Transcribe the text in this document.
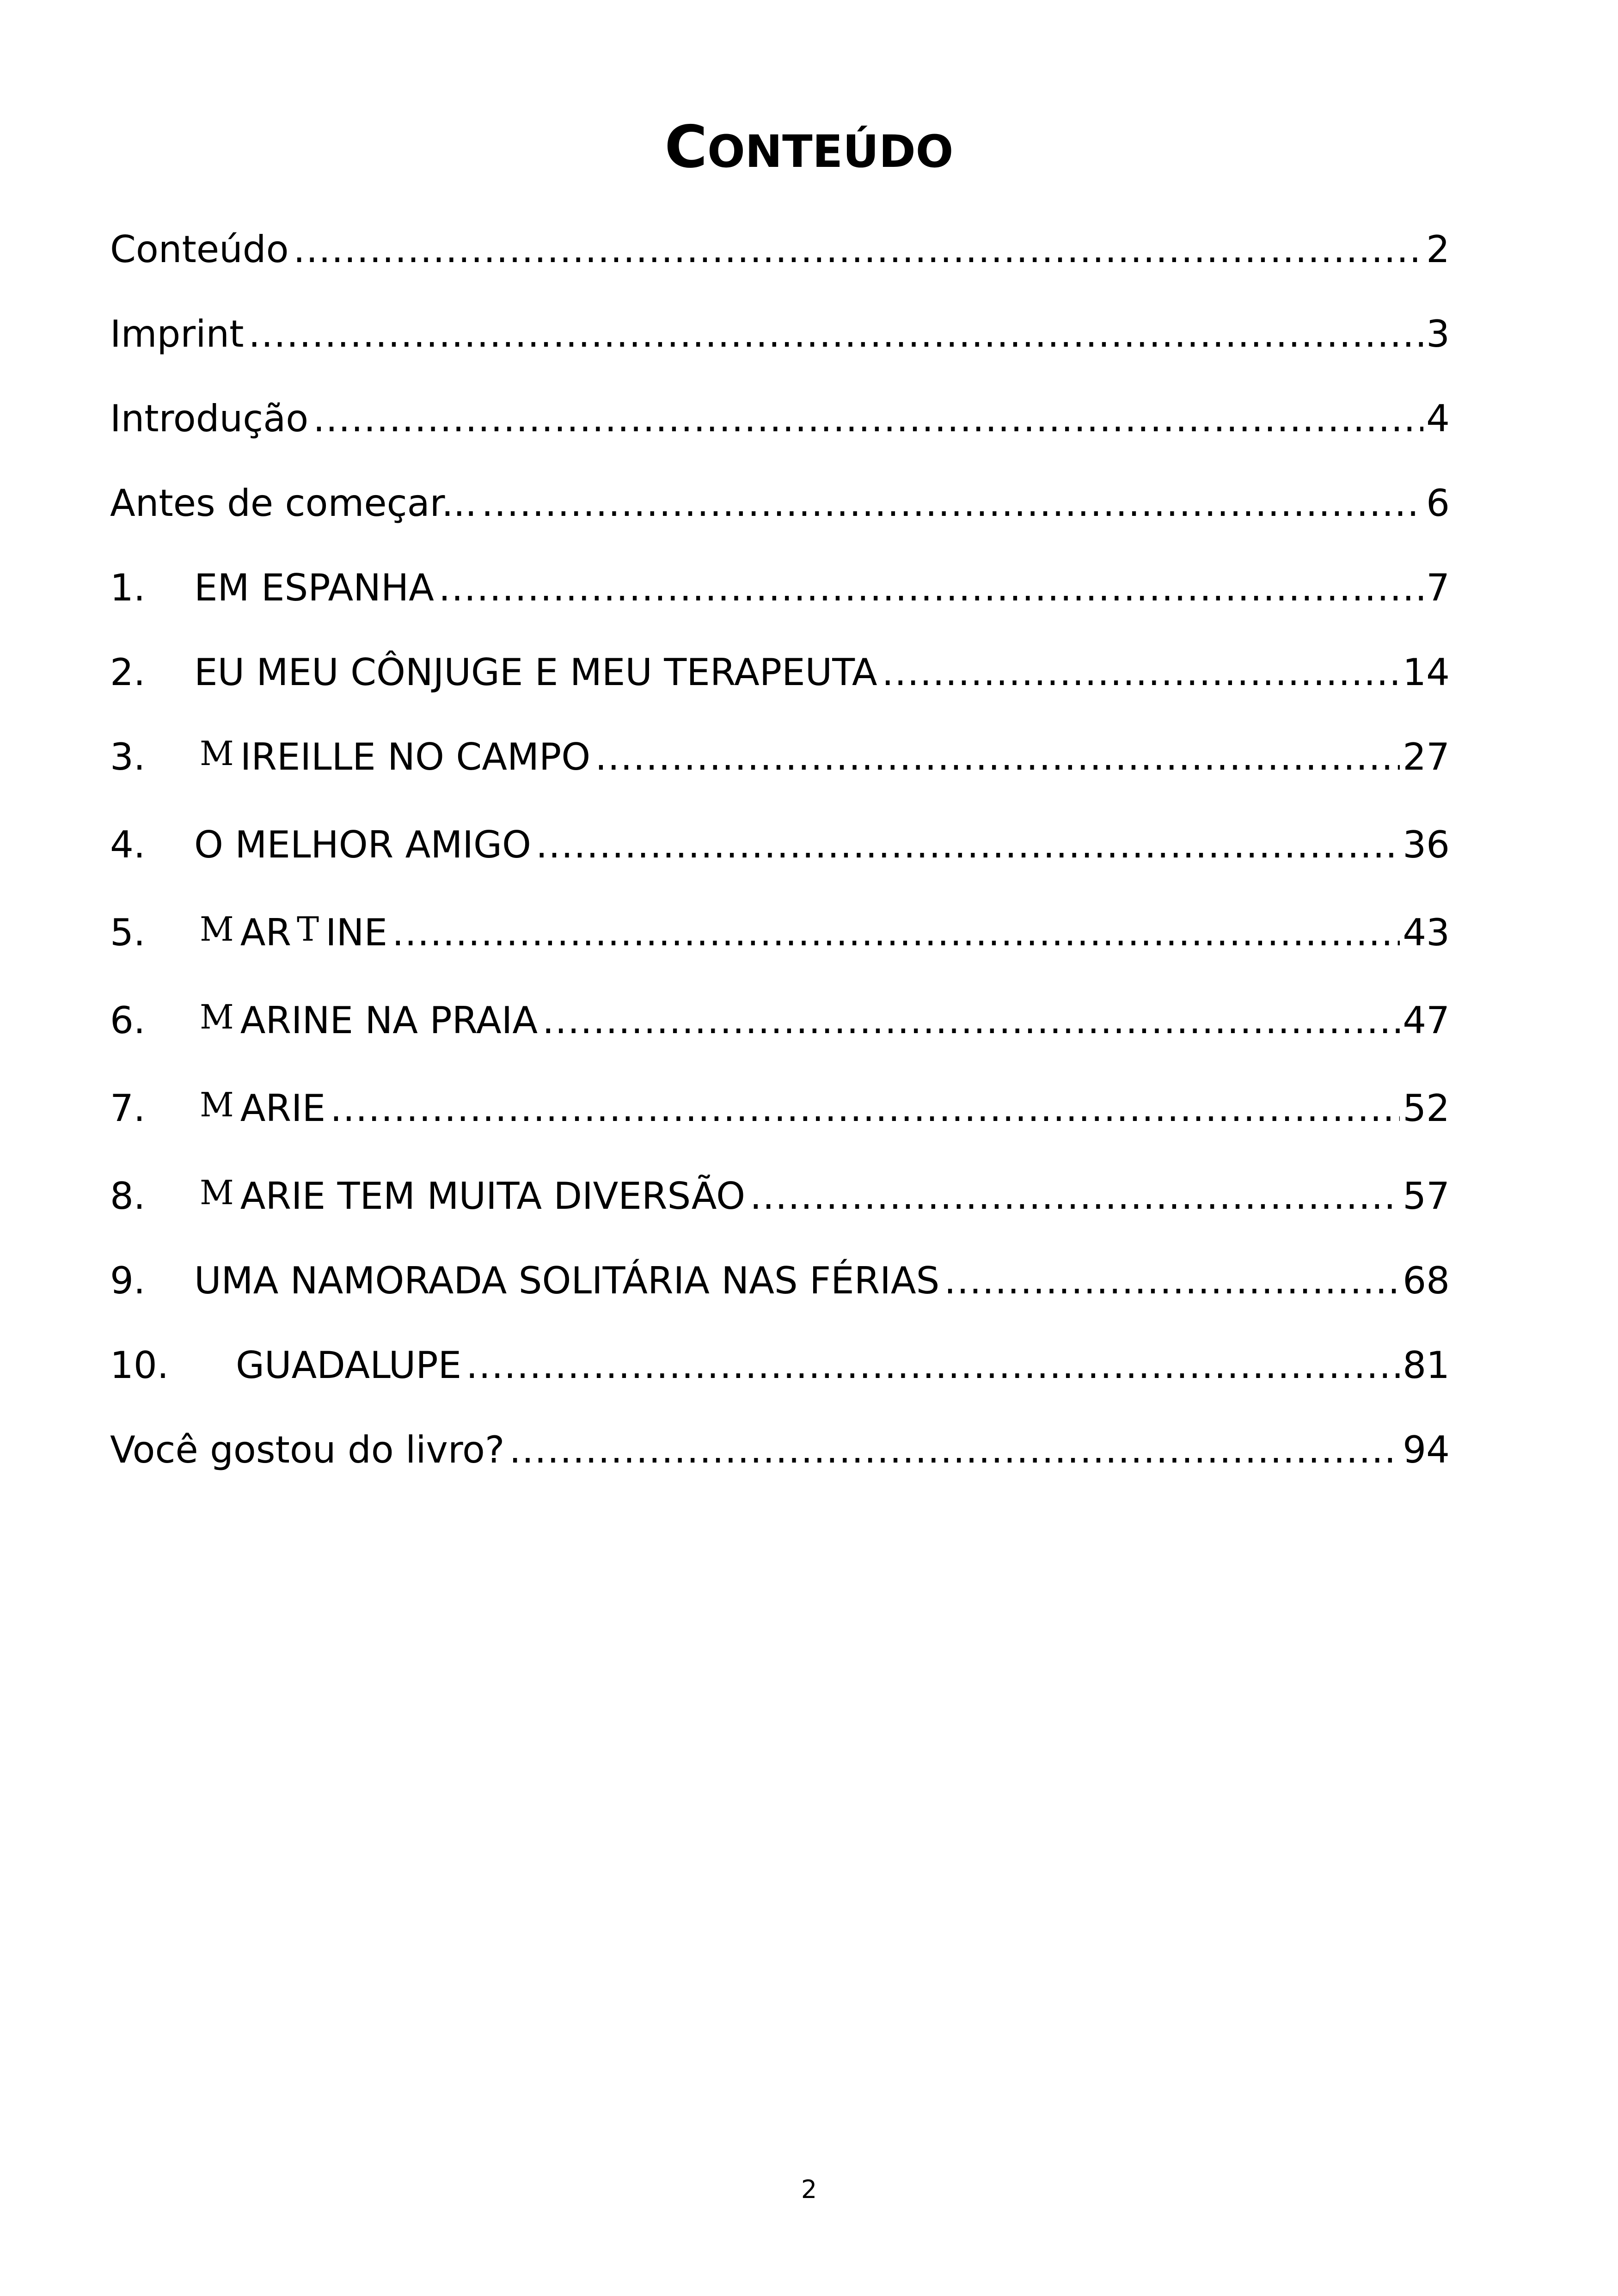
CONTEÚDO
Conteúdo .....	2
Imprint .....	3
Introdução .....	4
Antes de começar... .....	6
1.	EM ESPANHA .....	7
2.	EU MEU CÔNJUGE E MEU TERAPEUTA .....	14
3.	M IREILLE NO CAMPO .....	27
4.	O MELHOR AMIGO .....	36
5.	M AR T INE .....	43
6.	M ARINE NA PRAIA .....	47
7.	M ARIE .....	52
8.	M ARIE TEM MUITA DIVERSÃO .....	57
9.	UMA NAMORADA SOLITÁRIA NAS FÉRIAS .....	68
10.	GUADALUPE .....	81
Você gostou do livro? .....	94
2
